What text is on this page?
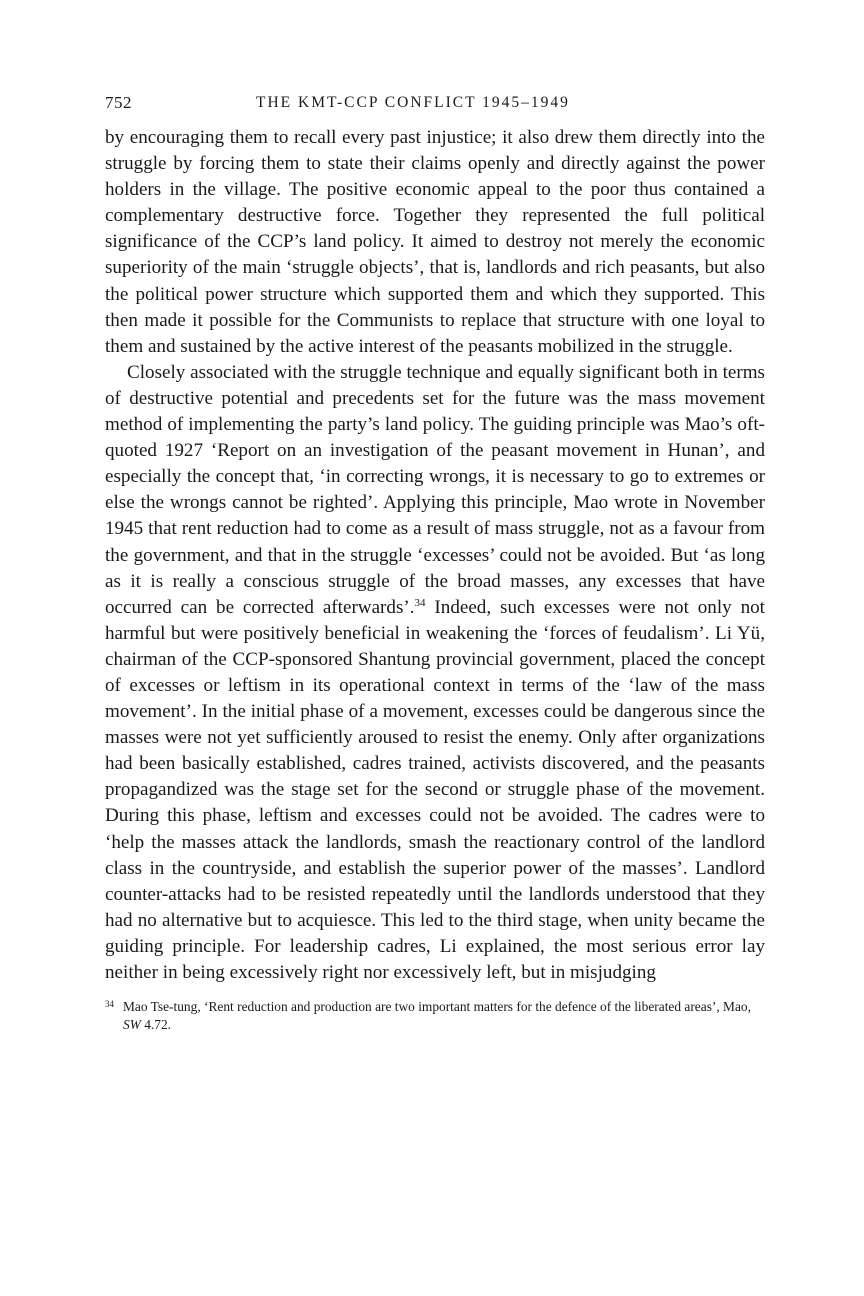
752	THE KMT-CCP CONFLICT 1945–1949

by encouraging them to recall every past injustice; it also drew them directly into the struggle by forcing them to state their claims openly and directly against the power holders in the village. The positive economic appeal to the poor thus contained a complementary destructive force. Together they represented the full political significance of the CCP’s land policy. It aimed to destroy not merely the economic superiority of the main ‘struggle objects’, that is, landlords and rich peasants, but also the political power structure which supported them and which they supported. This then made it possible for the Communists to replace that structure with one loyal to them and sustained by the active interest of the peasants mobilized in the struggle.

Closely associated with the struggle technique and equally significant both in terms of destructive potential and precedents set for the future was the mass movement method of implementing the party’s land policy. The guiding principle was Mao’s oft-quoted 1927 ‘Report on an investigation of the peasant movement in Hunan’, and especially the concept that, ‘in correcting wrongs, it is necessary to go to extremes or else the wrongs cannot be righted’. Applying this principle, Mao wrote in November 1945 that rent reduction had to come as a result of mass struggle, not as a favour from the government, and that in the struggle ‘excesses’ could not be avoided. But ‘as long as it is really a conscious struggle of the broad masses, any excesses that have occurred can be corrected afterwards’.$^{34}$ Indeed, such excesses were not only not harmful but were positively beneficial in weakening the ‘forces of feudalism’. Li Yü, chairman of the CCP-sponsored Shantung provincial government, placed the concept of excesses or leftism in its operational context in terms of the ‘law of the mass movement’. In the initial phase of a movement, excesses could be dangerous since the masses were not yet sufficiently aroused to resist the enemy. Only after organizations had been basically established, cadres trained, activists discovered, and the peasants propagandized was the stage set for the second or struggle phase of the movement. During this phase, leftism and excesses could not be avoided. The cadres were to ‘help the masses attack the landlords, smash the reactionary control of the landlord class in the countryside, and establish the superior power of the masses’. Landlord counter-attacks had to be resisted repeatedly until the landlords understood that they had no alternative but to acquiesce. This led to the third stage, when unity became the guiding principle. For leadership cadres, Li explained, the most serious error lay neither in being excessively right nor excessively left, but in misjudging

34 Mao Tse-tung, ‘Rent reduction and production are two important matters for the defence of the liberated areas’, Mao, SW 4.72.
